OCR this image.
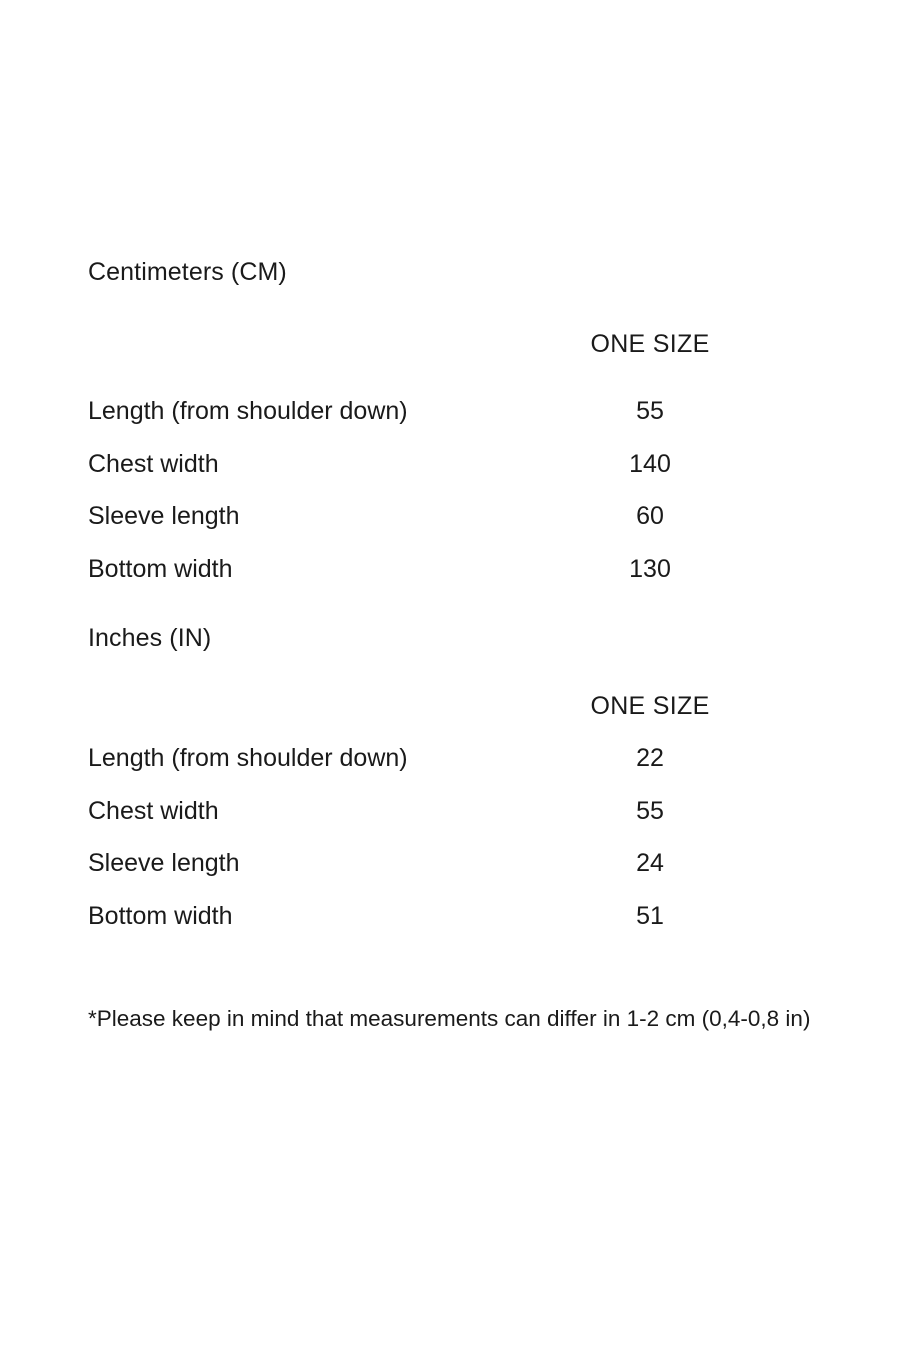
Centimeters (CM)
ONE SIZE
Length (from shoulder down)	55
Chest width	140
Sleeve length	60
Bottom width	130
Inches (IN)
ONE SIZE
Length (from shoulder down)	22
Chest width	55
Sleeve length	24
Bottom width	51
*Please keep in mind that measurements can differ in 1-2 cm (0,4-0,8 in)
